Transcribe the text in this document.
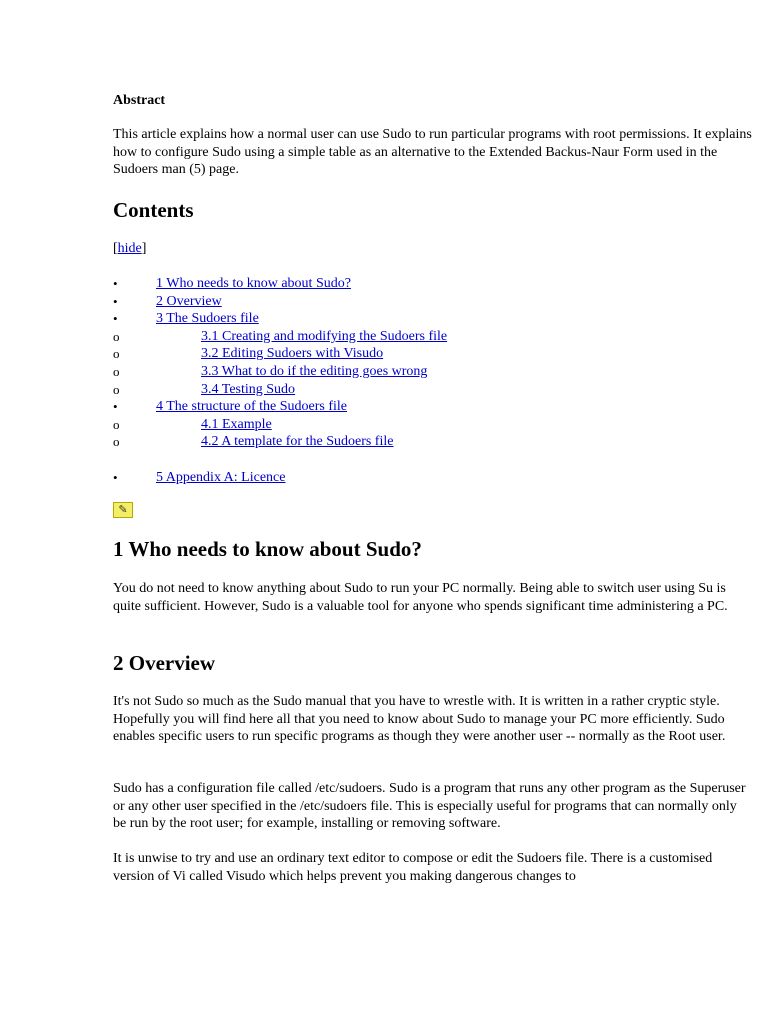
Abstract

This article explains how a normal user can use Sudo to run particular programs with root permissions. It explains how to configure Sudo using a simple table as an alternative to the Extended Backus-Naur Form used in the Sudoers man (5) page.

Contents
[hide]
•	1 Who needs to know about Sudo?
•	2 Overview
•	3 The Sudoers file
o	3.1 Creating and modifying the Sudoers file
o	3.2 Editing Sudoers with Visudo
o	3.3 What to do if the editing goes wrong
o	3.4 Testing Sudo
•	4 The structure of the Sudoers file
o	4.1 Example
o	4.2 A template for the Sudoers file
•	5 Appendix A: Licence
✎
1 Who needs to know about Sudo?

You do not need to know anything about Sudo to run your PC normally. Being able to switch user using Su is quite sufficient. However, Sudo is a valuable tool for anyone who spends significant time administering a PC.

2 Overview

It's not Sudo so much as the Sudo manual that you have to wrestle with. It is written in a rather cryptic style. Hopefully you will find here all that you need to know about Sudo to manage your PC more efficiently. Sudo enables specific users to run specific programs as though they were another user -- normally as the Root user.

Sudo has a configuration file called /etc/sudoers. Sudo is a program that runs any other program as the Superuser or any other user specified in the /etc/sudoers file. This is especially useful for programs that can normally only be run by the root user; for example, installing or removing software.

It is unwise to try and use an ordinary text editor to compose or edit the Sudoers file. There is a customised version of Vi called Visudo which helps prevent you making dangerous changes to
